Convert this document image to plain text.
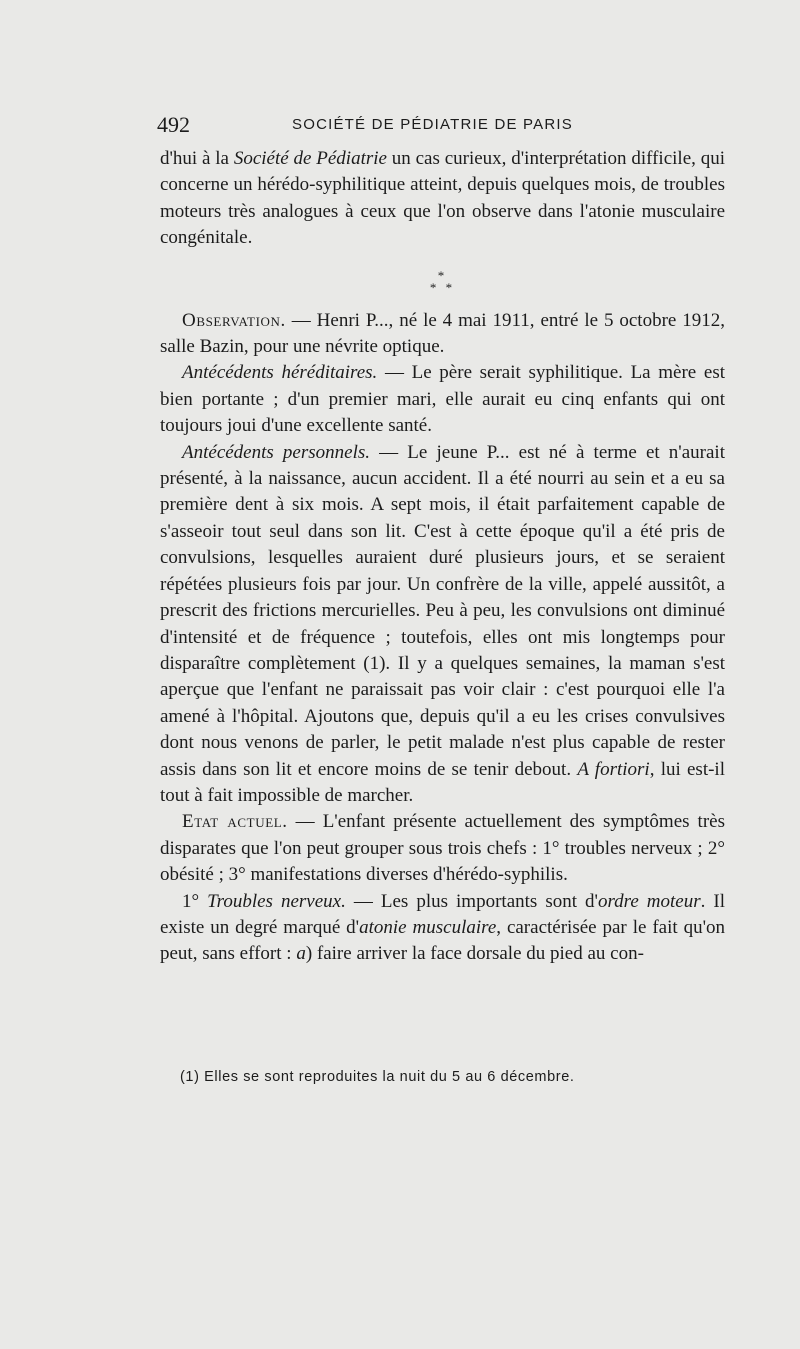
492	SOCIÉTÉ DE PÉDIATRIE DE PARIS

d'hui à la Société de Pédiatrie un cas curieux, d'interprétation difficile, qui concerne un hérédo-syphilitique atteint, depuis quelques mois, de troubles moteurs très analogues à ceux que l'on observe dans l'atonie musculaire congénitale.

*
* *

Observation. — Henri P..., né le 4 mai 1911, entré le 5 octobre 1912, salle Bazin, pour une névrite optique.

Antécédents héréditaires. — Le père serait syphilitique. La mère est bien portante ; d'un premier mari, elle aurait eu cinq enfants qui ont toujours joui d'une excellente santé.

Antécédents personnels. — Le jeune P... est né à terme et n'aurait présenté, à la naissance, aucun accident. Il a été nourri au sein et a eu sa première dent à six mois. A sept mois, il était parfaitement capable de s'asseoir tout seul dans son lit. C'est à cette époque qu'il a été pris de convulsions, lesquelles auraient duré plusieurs jours, et se seraient répétées plusieurs fois par jour. Un confrère de la ville, appelé aussitôt, a prescrit des frictions mercurielles. Peu à peu, les convulsions ont diminué d'intensité et de fréquence ; toutefois, elles ont mis longtemps pour disparaître complètement (1). Il y a quelques semaines, la maman s'est aperçue que l'enfant ne paraissait pas voir clair : c'est pourquoi elle l'a amené à l'hôpital. Ajoutons que, depuis qu'il a eu les crises convulsives dont nous venons de parler, le petit malade n'est plus capable de rester assis dans son lit et encore moins de se tenir debout. A fortiori, lui est-il tout à fait impossible de marcher.

Etat actuel. — L'enfant présente actuellement des symptômes très disparates que l'on peut grouper sous trois chefs : 1° troubles nerveux ; 2° obésité ; 3° manifestations diverses d'hérédo-syphilis.

1° Troubles nerveux. — Les plus importants sont d'ordre moteur. Il existe un degré marqué d'atonie musculaire, caractérisée par le fait qu'on peut, sans effort : a) faire arriver la face dorsale du pied au con-

(1) Elles se sont reproduites la nuit du 5 au 6 décembre.
